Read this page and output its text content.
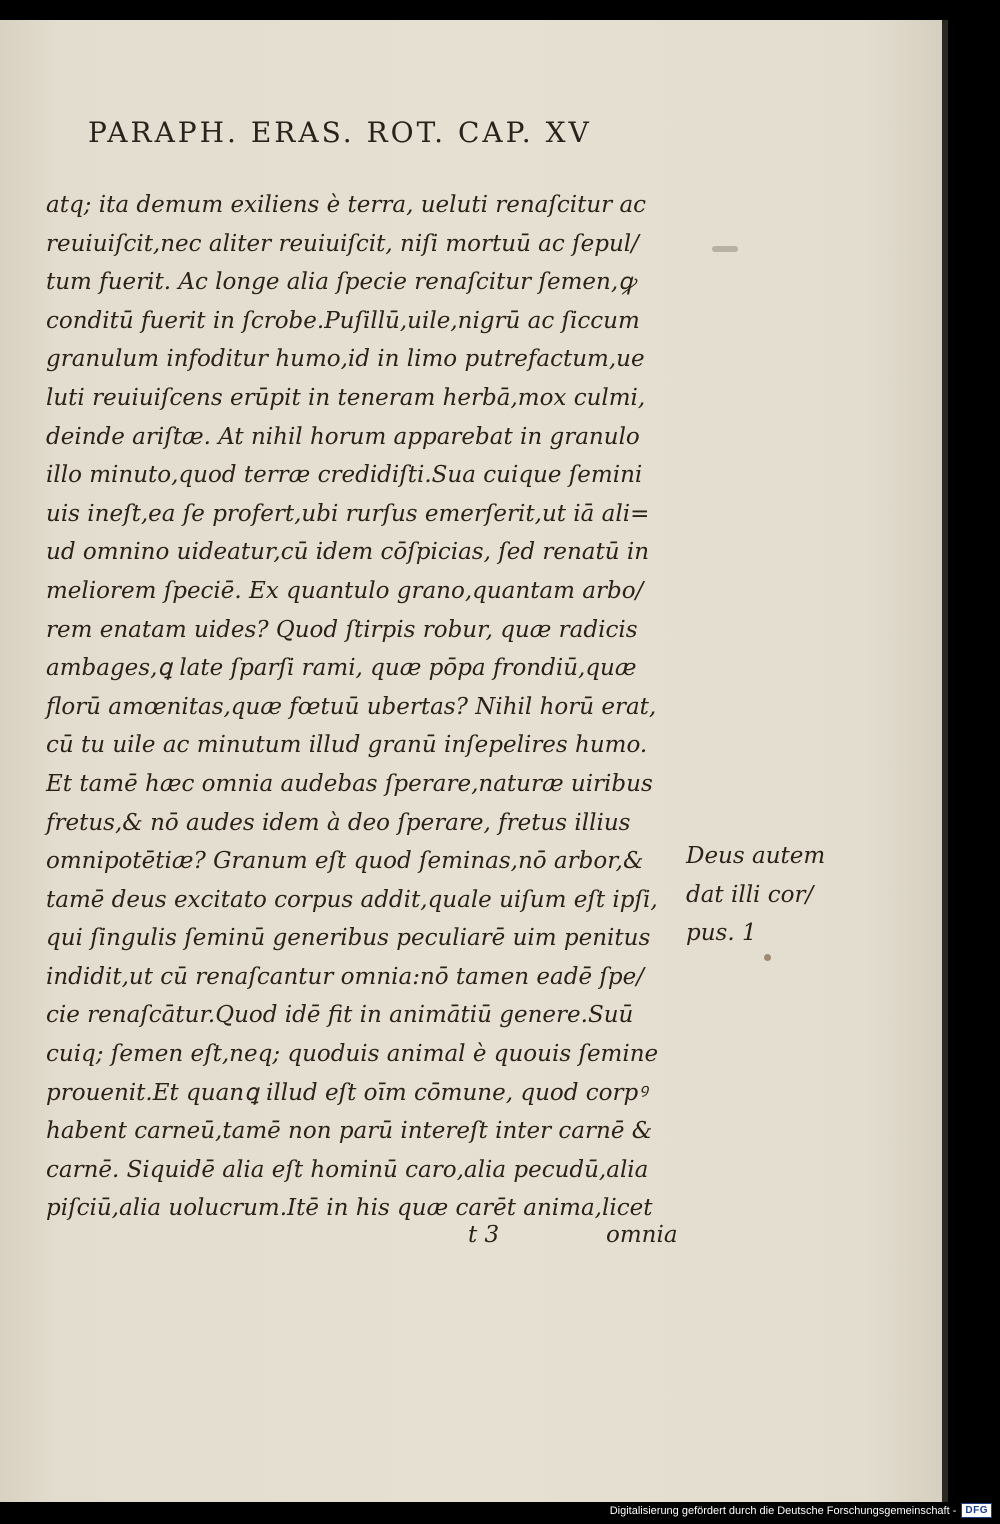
PARAPH. ERAS. ROT. CAP. XV
atq; ita demum exiliens è terra, ueluti renaſcitur ac
reuiuiſcit,nec aliter reuiuiſcit, niſi mortuū ac ſepul/
tum fuerit. Ac longe alia ſpecie renaſcitur ſemen,ꝙ
conditū fuerit in ſcrobe.Puſillū,uile,nigrū ac ſiccum
granulum infoditur humo,id in limo putrefactum,ue
luti reuiuiſcens erūpit in teneram herbā,mox culmi,
deinde ariſtæ. At nihil horum apparebat in granulo
illo minuto,quod terræ credidiſti.Sua cuique ſemini
uis ineſt,ea ſe profert,ubi rurſus emerſerit,ut iā ali=
ud omnino uideatur,cū idem cōſpicias, ſed renatū in
meliorem ſpeciē. Ex quantulo grano,quantam arbo/
rem enatam uides? Quod ſtirpis robur, quæ radicis
ambages,ꝗ late ſparſi rami, quæ pōpa frondiū,quæ
florū amœnitas,quæ fœtuū ubertas? Nihil horū erat,
cū tu uile ac minutum illud granū inſepelires humo.
Et tamē hæc omnia audebas ſperare,naturæ uiribus
fretus,& nō audes idem à deo ſperare, fretus illius
omnipotētiæ? Granum eſt quod ſeminas,nō arbor,&
tamē deus excitato corpus addit,quale uiſum eſt ipſi,
qui ſingulis ſeminū generibus peculiarē uim penitus
indidit,ut cū renaſcantur omnia:nō tamen eadē ſpe/
cie renaſcātur.Quod idē fit in animātiū genere.Suū
cuiq; ſemen eſt,neq; quoduis animal è quouis ſemine
prouenit.Et quanꝗ illud eſt oīm cōmune, quod corpꝰ
habent carneū,tamē non parū intereſt inter carnē &
carnē. Siquidē alia eſt hominū caro,alia pecudū,alia
piſciū,alia uolucrum.Itē in his quæ carēt anima,licet
Deus autem
dat illi cor/
pus. 1
t 3	omnia
Digitalisierung gefördert durch die Deutsche Forschungsgemeinschaft - DFG
